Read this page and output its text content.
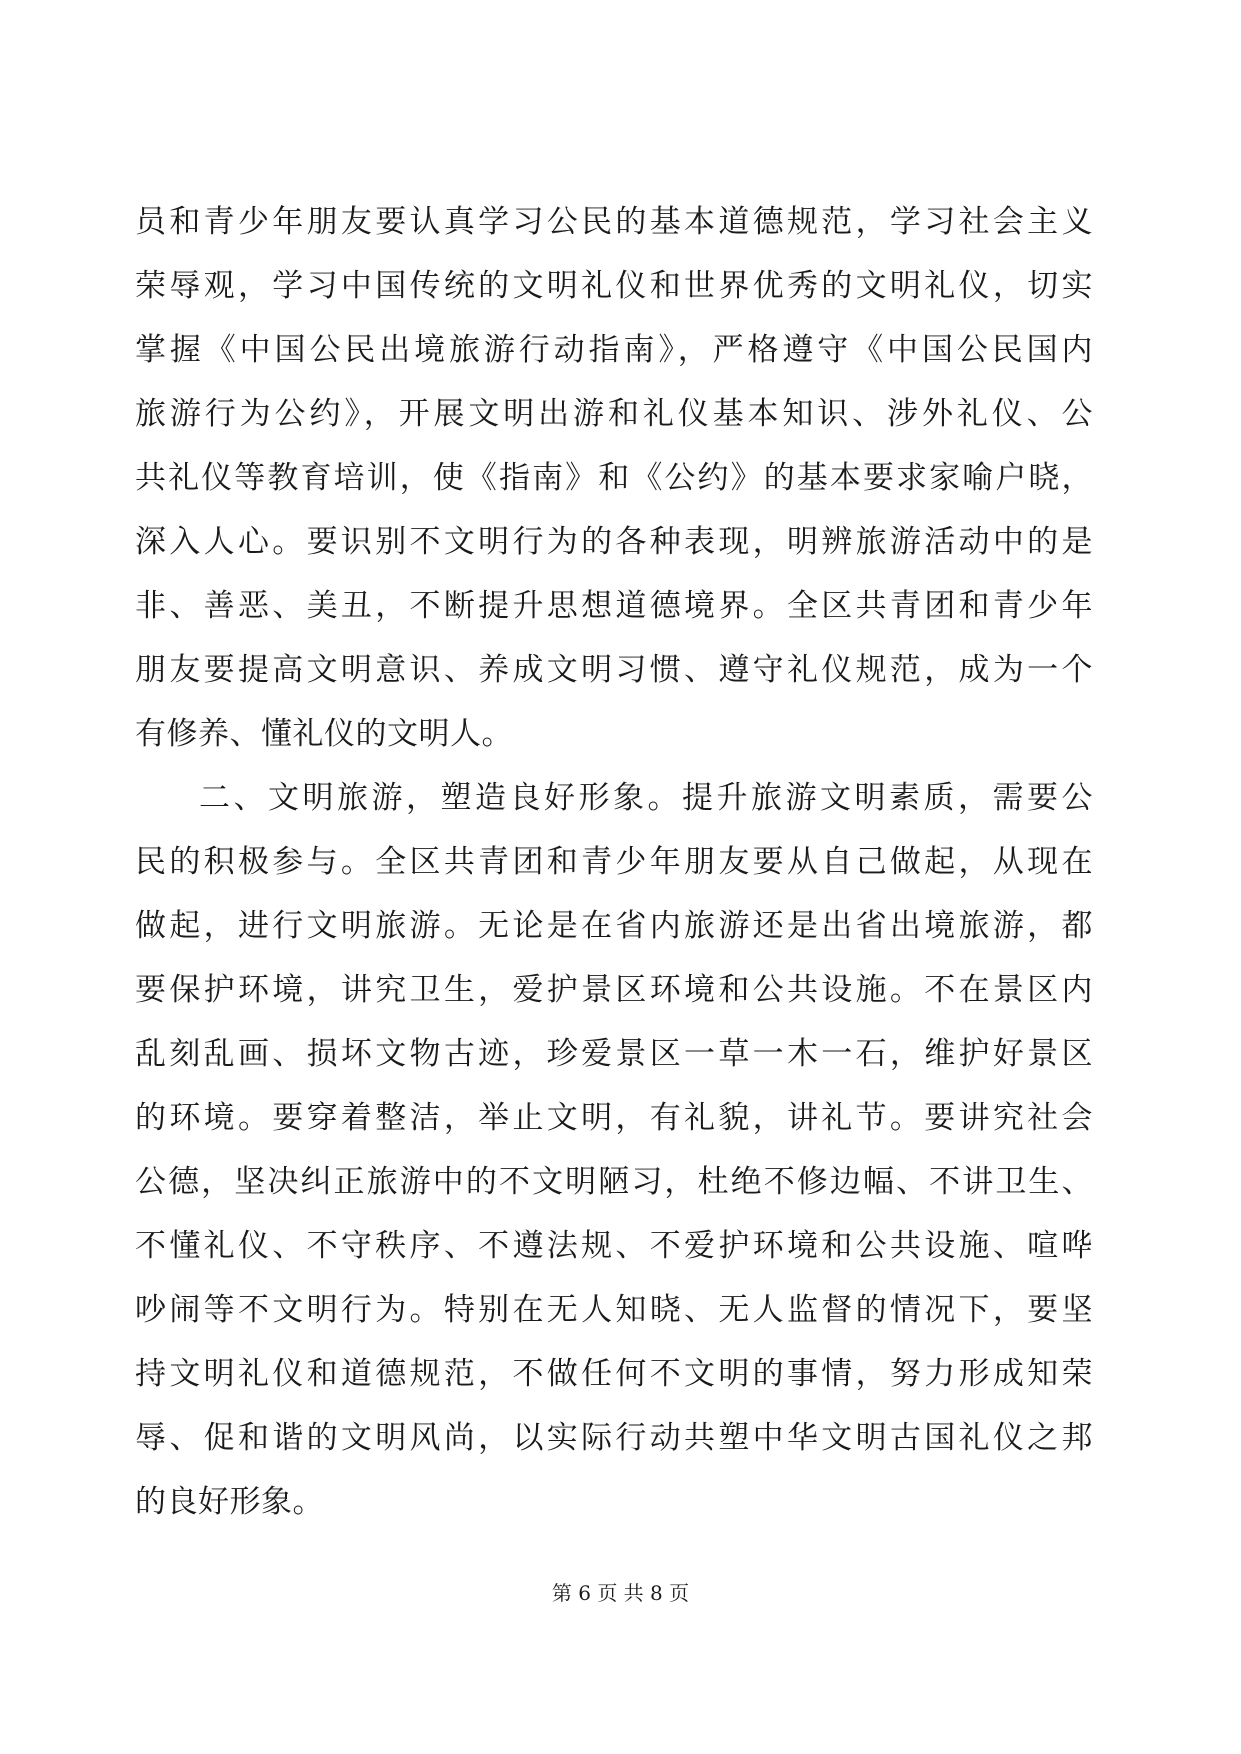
员和青少年朋友要认真学习公民的基本道德规范，学习社会主义
荣辱观，学习中国传统的文明礼仪和世界优秀的文明礼仪，切实
掌握《中国公民出境旅游行动指南》，严格遵守《中国公民国内
旅游行为公约》，开展文明出游和礼仪基本知识、涉外礼仪、公
共礼仪等教育培训，使《指南》和《公约》的基本要求家喻户晓，
深入人心。要识别不文明行为的各种表现，明辨旅游活动中的是
非、善恶、美丑，不断提升思想道德境界。全区共青团和青少年
朋友要提高文明意识、养成文明习惯、遵守礼仪规范，成为一个
有修养、懂礼仪的文明人。
二、文明旅游，塑造良好形象。提升旅游文明素质，需要公
民的积极参与。全区共青团和青少年朋友要从自己做起，从现在
做起，进行文明旅游。无论是在省内旅游还是出省出境旅游，都
要保护环境，讲究卫生，爱护景区环境和公共设施。不在景区内
乱刻乱画、损坏文物古迹，珍爱景区一草一木一石，维护好景区
的环境。要穿着整洁，举止文明，有礼貌，讲礼节。要讲究社会
公德，坚决纠正旅游中的不文明陋习，杜绝不修边幅、不讲卫生、
不懂礼仪、不守秩序、不遵法规、不爱护环境和公共设施、喧哗
吵闹等不文明行为。特别在无人知晓、无人监督的情况下，要坚
持文明礼仪和道德规范，不做任何不文明的事情，努力形成知荣
辱、促和谐的文明风尚，以实际行动共塑中华文明古国礼仪之邦
的良好形象。
第 6 页 共 8 页
